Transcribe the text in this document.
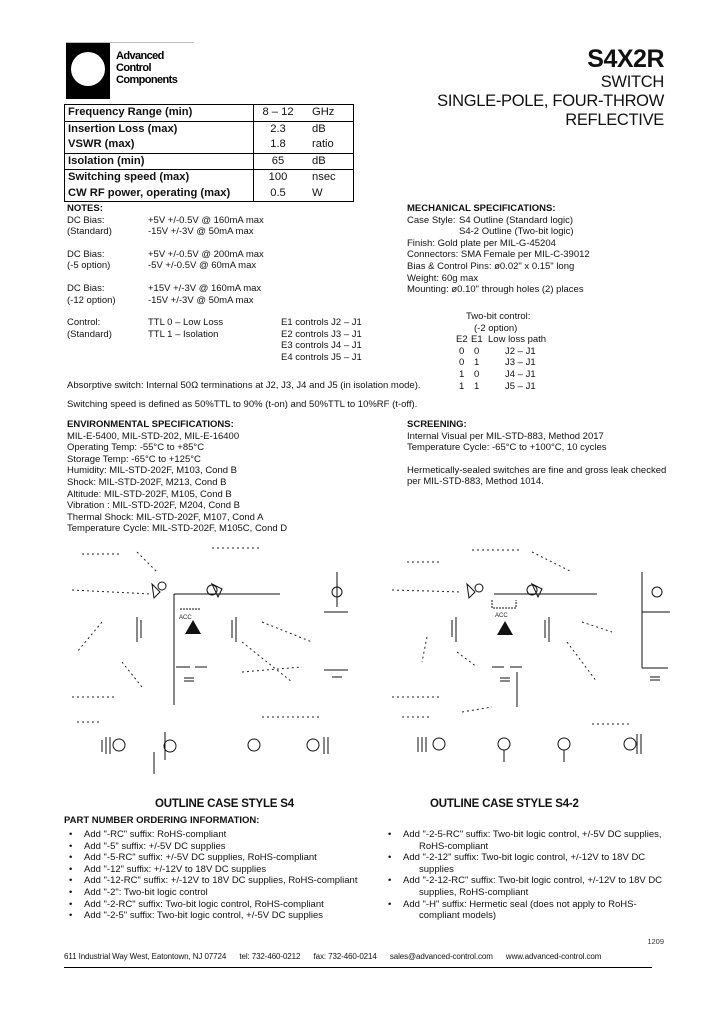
A	Advanced
Control
Components
S4X2R
SWITCH
SINGLE-POLE, FOUR-THROW
REFLECTIVE
Frequency Range (min)	8 – 12	GHz
Insertion Loss (max)	2.3	dB
VSWR (max)	1.8	ratio
Isolation (min)	65	dB
Switching speed (max)	100	nsec
CW RF power, operating (max)	0.5	W
NOTES:
DC Bias:	+5V +/-0.5V @ 160mA max
(Standard)	-15V +/-3V @ 50mA max
DC Bias:	+5V +/-0.5V @ 200mA max
(-5 option)	-5V +/-0.5V @ 60mA max
DC Bias:	+15V +/-3V @ 160mA max
(-12 option)	-15V +/-3V @ 50mA max
Control:	TTL 0 – Low Loss	E1 controls J2 – J1
(Standard)	TTL 1 – Isolation	E2 controls J3 – J1
E3 controls J4 – J1
E4 controls J5 – J1
Absorptive switch: Internal 50Ω terminations at J2, J3, J4 and J5 (in isolation mode).
Switching speed is defined as 50%TTL to 90% (t-on) and 50%TTL to 10%RF (t-off).
MECHANICAL SPECIFICATIONS:
Case Style: S4 Outline (Standard logic)
S4-2 Outline (Two-bit logic)
Finish: Gold plate per MIL-G-45204
Connectors: SMA Female per MIL-C-39012
Bias & Control Pins: ø0.02" x 0.15" long
Weight: 60g max
Mounting: ø0.10" through holes (2) places
Two-bit control:
(-2 option)
E2 E1 Low loss path
0 0	J2 – J1
0 1	J3 – J1
1 0	J4 – J1
1 1	J5 – J1
ENVIRONMENTAL SPECIFICATIONS:
MIL-E-5400, MIL-STD-202, MIL-E-16400
Operating Temp: -55°C to +85°C
Storage Temp: -65°C to +125°C
Humidity: MIL-STD-202F, M103, Cond B
Shock: MIL-STD-202F, M213, Cond B
Altitude: MIL-STD-202F, M105, Cond B
Vibration : MIL-STD-202F, M204, Cond B
Thermal Shock: MIL-STD-202F, M107, Cond A
Temperature Cycle: MIL-STD-202F, M105C, Cond D
SCREENING:
Internal Visual per MIL-STD-883, Method 2017
Temperature Cycle: -65°C to +100°C, 10 cycles
Hermetically-sealed switches are fine and gross leak checked
per MIL-STD-883, Method 1014.
ACC
OUTLINE CASE STYLE S4
ACC
OUTLINE CASE STYLE S4-2
PART NUMBER ORDERING INFORMATION:
• Add "-RC" suffix: RoHS-compliant
• Add "-5" suffix: +/-5V DC supplies
• Add "-5-RC" suffix: +/-5V DC supplies, RoHS-compliant
• Add "-12" suffix: +/-12V to 18V DC supplies
• Add "-12-RC" suffix: +/-12V to 18V DC supplies, RoHS-compliant
• Add "-2": Two-bit logic control
• Add "-2-RC" suffix: Two-bit logic control, RoHS-compliant
• Add "-2-5" suffix: Two-bit logic control, +/-5V DC supplies
• Add "-2-5-RC" suffix: Two-bit logic control, +/-5V DC supplies,
RoHS-compliant
• Add "-2-12" suffix: Two-bit logic control, +/-12V to 18V DC
supplies
• Add "-2-12-RC" suffix: Two-bit logic control, +/-12V to 18V DC
supplies, RoHS-compliant
• Add "-H" suffix: Hermetic seal (does not apply to RoHS-
compliant models)
1209
611 Industrial Way West, Eatontown, NJ 07724 tel: 732-460-0212 fax: 732-460-0214 sales@advanced-control.com www.advanced-control.com
